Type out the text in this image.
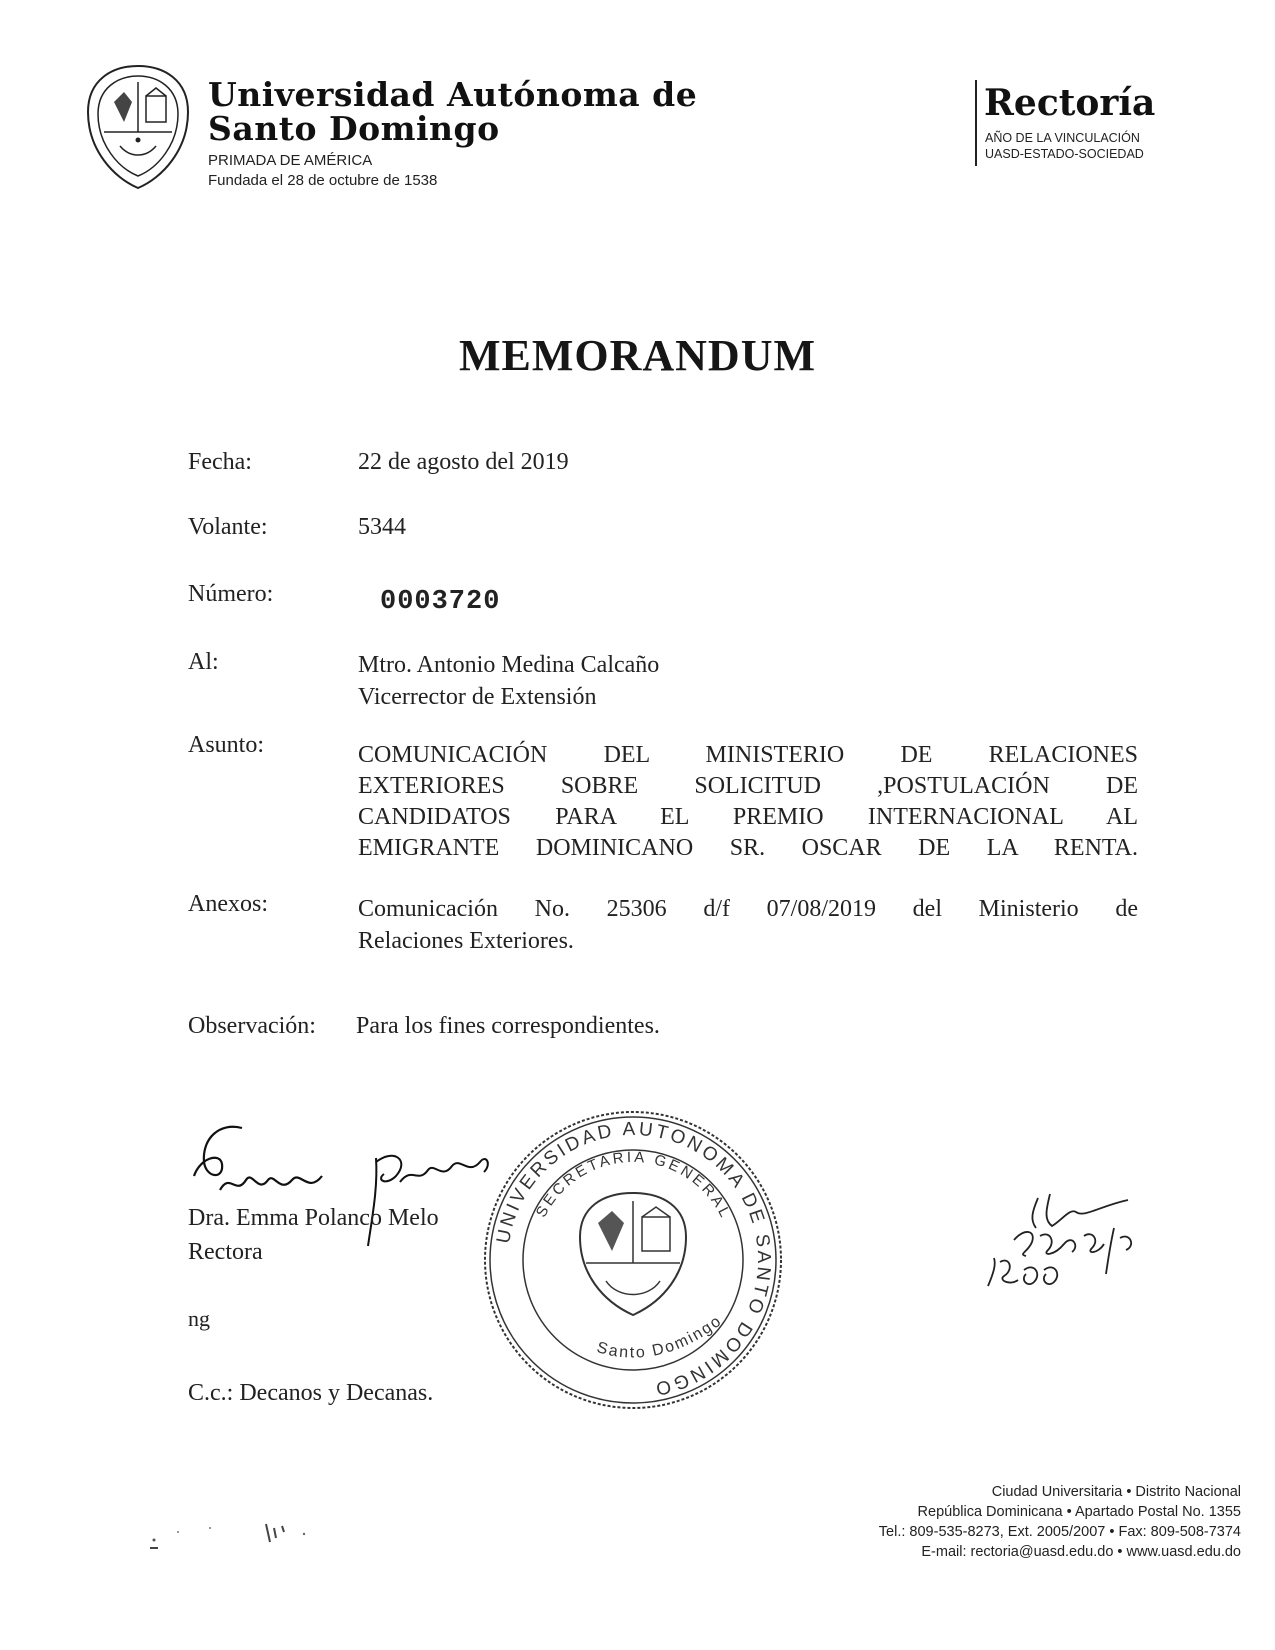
Universidad Autónoma de
Santo Domingo
PRIMADA DE AMÉRICA
Fundada el 28 de octubre de 1538
Rectoría
AÑO DE LA VINCULACIÓN
UASD-ESTADO-SOCIEDAD
MEMORANDUM
Fecha:	22 de agosto del 2019
Volante:	5344
Número:	0003720
Al:	Mtro. Antonio Medina Calcaño
Vicerrector de Extensión
Asunto:	COMUNICACIÓN DEL MINISTERIO DE RELACIONES
EXTERIORES SOBRE SOLICITUD ,POSTULACIÓN DE
CANDIDATOS PARA EL PREMIO INTERNACIONAL AL
EMIGRANTE DOMINICANO SR. OSCAR DE LA RENTA.
Anexos:	Comunicación No. 25306 d/f 07/08/2019 del Ministerio de
Relaciones Exteriores.
Observación: Para los fines correspondientes.
Dra. Emma Polanco Melo
Rectora
ng
C.c.: Decanos y Decanas.
UNIVERSIDAD AUTONOMA DE SANTO DOMINGO
SECRETARIA GENERAL
Santo Domingo
Ciudad Universitaria • Distrito Nacional
República Dominicana • Apartado Postal No. 1355
Tel.: 809-535-8273, Ext. 2005/2007 • Fax: 809-508-7374
E-mail: rectoria@uasd.edu.do • www.uasd.edu.do
